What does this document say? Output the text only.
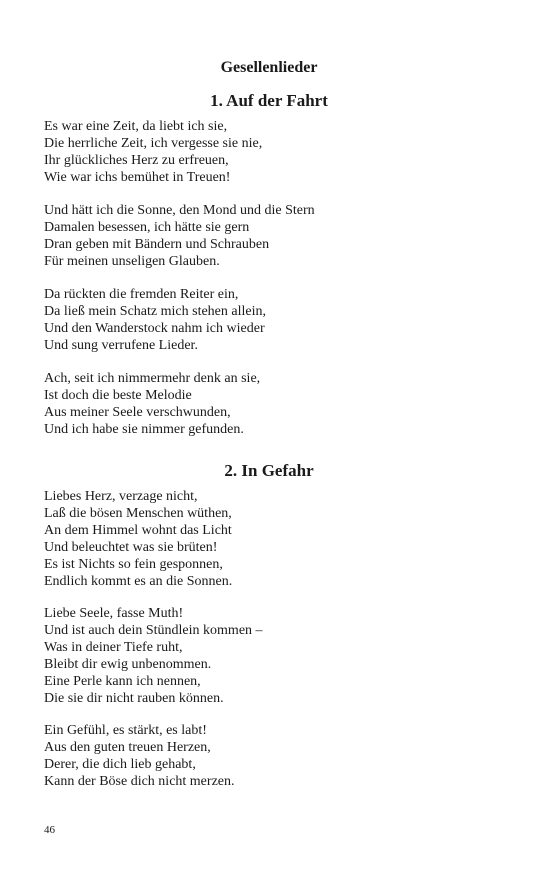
Gesellenlieder
1. Auf der Fahrt
Es war eine Zeit, da liebt ich sie,
Die herrliche Zeit, ich vergesse sie nie,
Ihr glückliches Herz zu erfreuen,
Wie war ichs bemühet in Treuen!
Und hätt ich die Sonne, den Mond und die Stern
Damalen besessen, ich hätte sie gern
Dran geben mit Bändern und Schrauben
Für meinen unseligen Glauben.
Da rückten die fremden Reiter ein,
Da ließ mein Schatz mich stehen allein,
Und den Wanderstock nahm ich wieder
Und sung verrufene Lieder.
Ach, seit ich nimmermehr denk an sie,
Ist doch die beste Melodie
Aus meiner Seele verschwunden,
Und ich habe sie nimmer gefunden.
2. In Gefahr
Liebes Herz, verzage nicht,
Laß die bösen Menschen wüthen,
An dem Himmel wohnt das Licht
Und beleuchtet was sie brüten!
Es ist Nichts so fein gesponnen,
Endlich kommt es an die Sonnen.
Liebe Seele, fasse Muth!
Und ist auch dein Stündlein kommen –
Was in deiner Tiefe ruht,
Bleibt dir ewig unbenommen.
Eine Perle kann ich nennen,
Die sie dir nicht rauben können.
Ein Gefühl, es stärkt, es labt!
Aus den guten treuen Herzen,
Derer, die dich lieb gehabt,
Kann der Böse dich nicht merzen.
46
